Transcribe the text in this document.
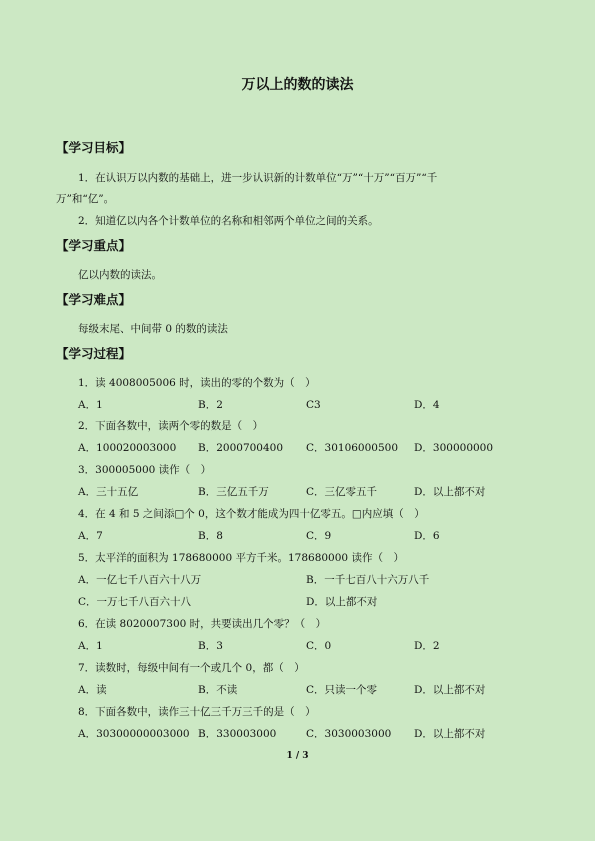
万以上的数的读法
【学习目标】
1．在认识万以内数的基础上，进一步认识新的计数单位“万”“十万”“百万”“千
万”和“亿”。
2．知道亿以内各个计数单位的名称和相邻两个单位之间的关系。
【学习重点】
亿以内数的读法。
【学习难点】
每级末尾、中间带 0 的数的读法
【学习过程】
1．读 4008005006 时，读出的零的个数为（　）
A．1	B．2	C3	D．4
2．下面各数中，读两个零的数是（　）
A．100020003000 B．2000700400 C．30106000500 D．300000000
3．300005000 读作（　）
A．三十五亿	B．三亿五千万	C．三亿零五千	D．以上都不对
4．在 4 和 5 之间添□个 0，这个数才能成为四十亿零五。□内应填（　）
A．7	B．8	C．9	D．6
5．太平洋的面积为 178680000 平方千米。178680000 读作（　）
A．一亿七千八百六十八万	B．一千七百八十六万八千
C．一万七千八百六十八	D．以上都不对
6．在读 8020007300 时，共要读出几个零？（　）
A．1	B．3	C．0	D．2
7．读数时，每级中间有一个或几个 0，都（　）
A．读	B．不读	C．只读一个零	D．以上都不对
8．下面各数中，读作三十亿三千万三千的是（　）
A．30300000003000 B．330003000	C．3030003000 D．以上都不对
1 / 3
